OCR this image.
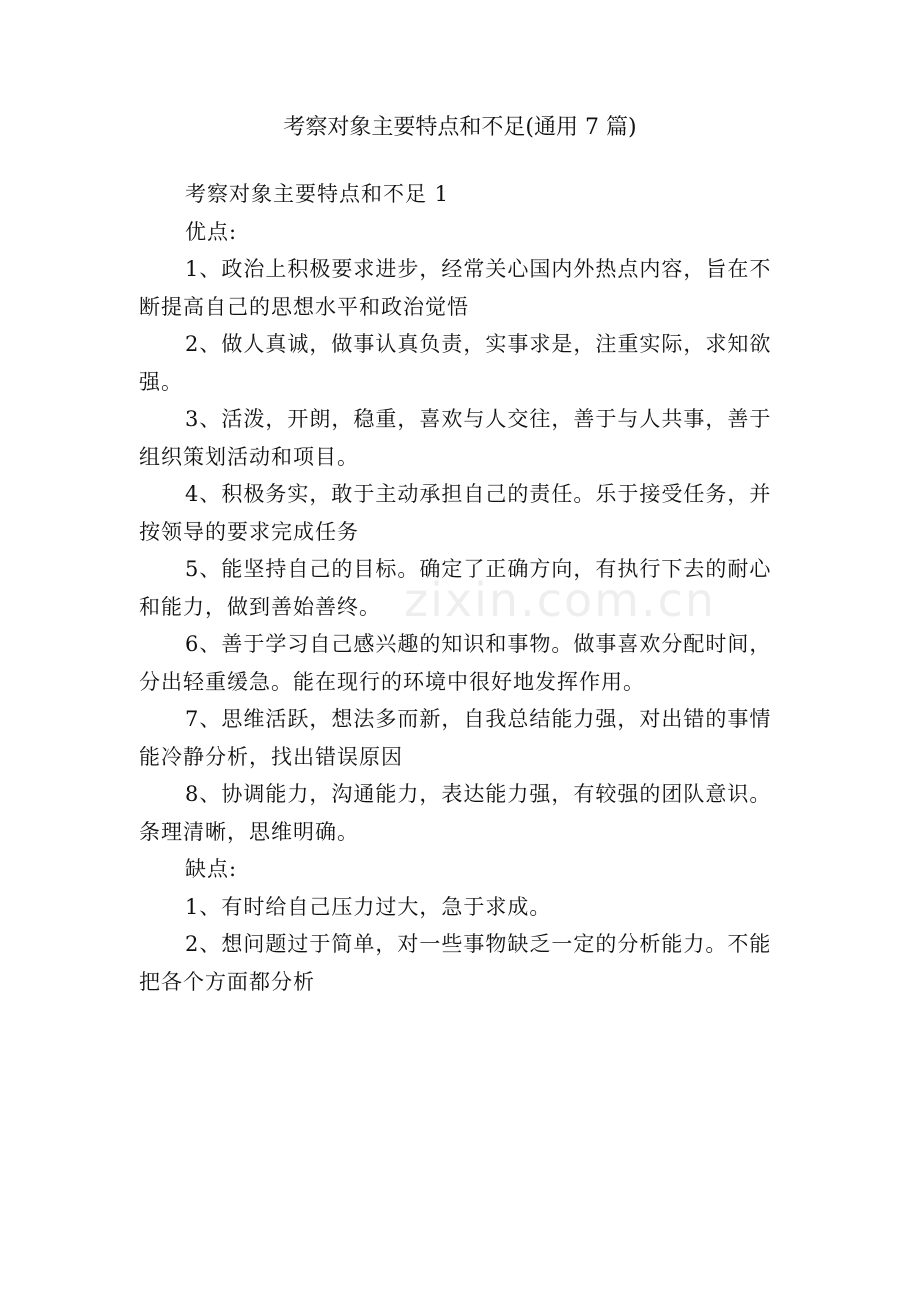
考察对象主要特点和不足(通用 7 篇)

考察对象主要特点和不足 1

优点:

1、政治上积极要求进步，经常关心国内外热点内容，旨在不断提高自己的思想水平和政治觉悟

2、做人真诚，做事认真负责，实事求是，注重实际，求知欲强。

3、活泼，开朗，稳重，喜欢与人交往，善于与人共事，善于组织策划活动和项目。

4、积极务实，敢于主动承担自己的责任。乐于接受任务，并按领导的要求完成任务

5、能坚持自己的目标。确定了正确方向，有执行下去的耐心和能力，做到善始善终。

6、善于学习自己感兴趣的知识和事物。做事喜欢分配时间，分出轻重缓急。能在现行的环境中很好地发挥作用。

7、思维活跃，想法多而新，自我总结能力强，对出错的事情能冷静分析，找出错误原因

8、协调能力，沟通能力，表达能力强，有较强的团队意识。条理清晰，思维明确。

缺点:

1、有时给自己压力过大，急于求成。

2、想问题过于简单，对一些事物缺乏一定的分析能力。不能把各个方面都分析

zixin.com.cn
